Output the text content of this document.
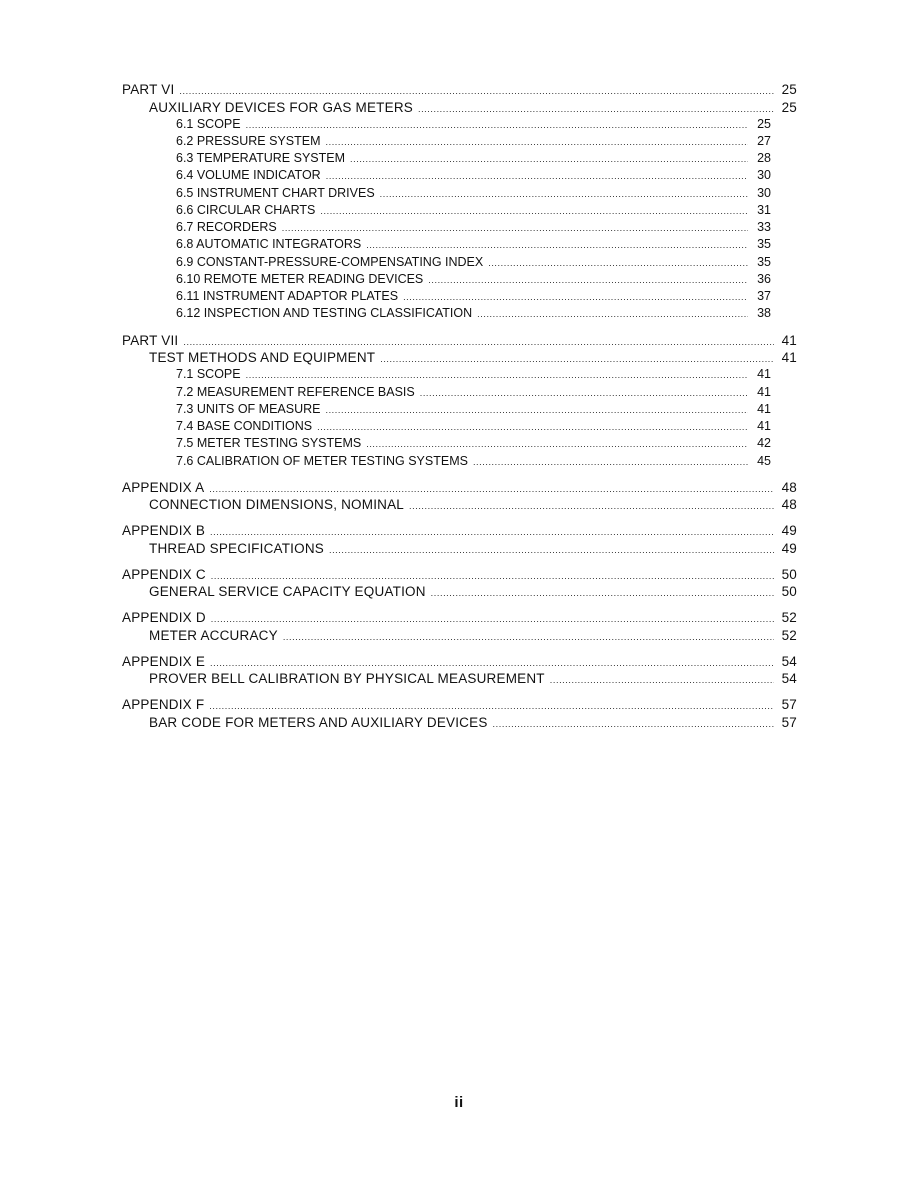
PART VI .....	25
AUXILIARY DEVICES FOR GAS METERS .....	25
6.1 SCOPE .....	25
6.2 PRESSURE SYSTEM .....	27
6.3 TEMPERATURE SYSTEM .....	28
6.4 VOLUME INDICATOR .....	30
6.5 INSTRUMENT CHART DRIVES .....	30
6.6 CIRCULAR CHARTS .....	31
6.7 RECORDERS .....	33
6.8 AUTOMATIC INTEGRATORS .....	35
6.9 CONSTANT-PRESSURE-COMPENSATING INDEX .....	35
6.10 REMOTE METER READING DEVICES .....	36
6.11 INSTRUMENT ADAPTOR PLATES .....	37
6.12 INSPECTION AND TESTING CLASSIFICATION .....	38
PART VII .....	41
TEST METHODS AND EQUIPMENT .....	41
7.1 SCOPE .....	41
7.2 MEASUREMENT REFERENCE BASIS .....	41
7.3 UNITS OF MEASURE .....	41
7.4 BASE CONDITIONS .....	41
7.5 METER TESTING SYSTEMS .....	42
7.6 CALIBRATION OF METER TESTING SYSTEMS .....	45
APPENDIX A .....	48
CONNECTION DIMENSIONS, NOMINAL .....	48
APPENDIX B .....	49
THREAD SPECIFICATIONS .....	49
APPENDIX C .....	50
GENERAL SERVICE CAPACITY EQUATION .....	50
APPENDIX D .....	52
METER ACCURACY .....	52
APPENDIX E .....	54
PROVER BELL CALIBRATION BY PHYSICAL MEASUREMENT .....	54
APPENDIX F .....	57
BAR CODE FOR METERS AND AUXILIARY DEVICES .....	57
ii
